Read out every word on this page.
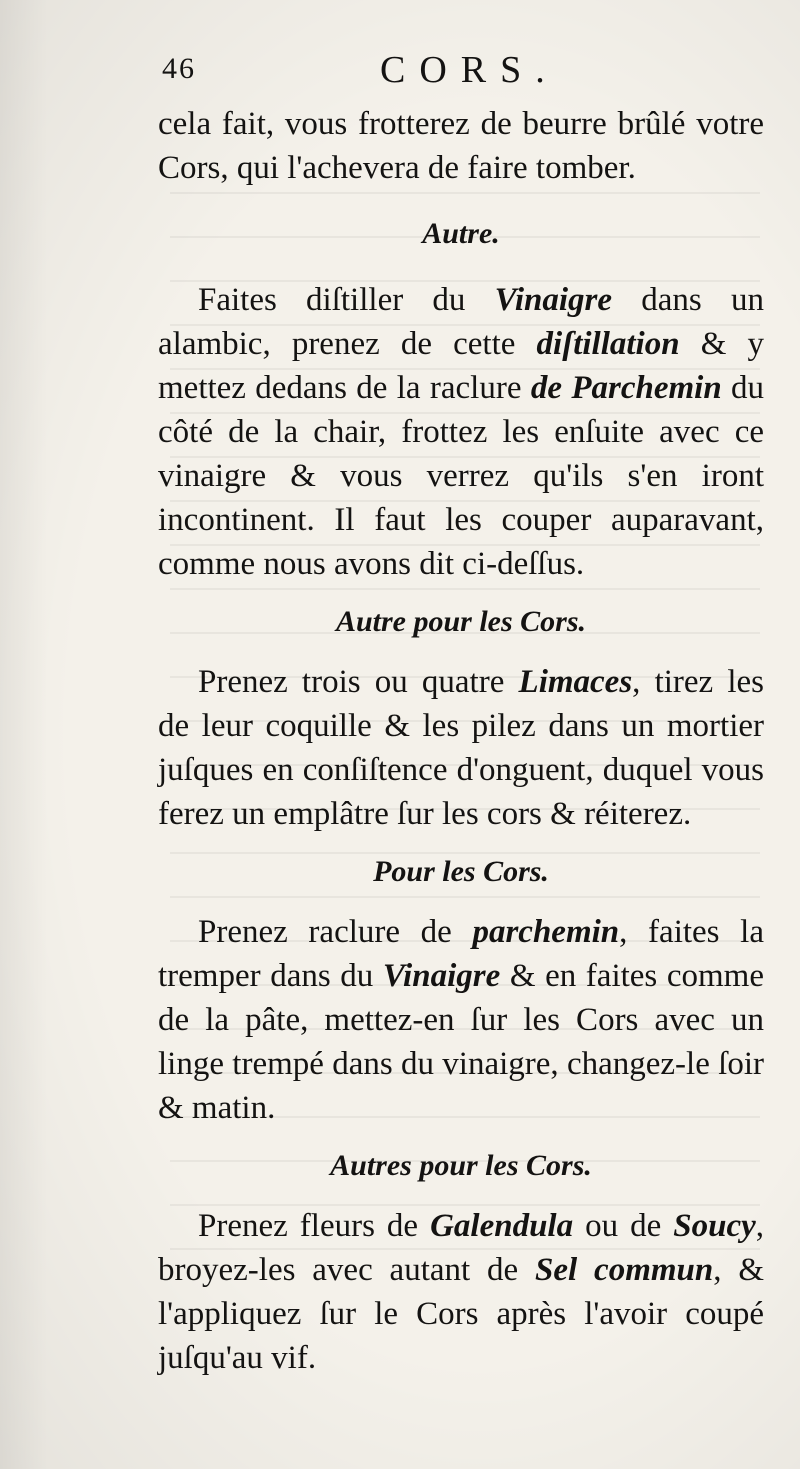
46	CORS.

cela fait, vous frotterez de beurre brûlé votre Cors, qui l'achevera de faire tomber.

Autre.

Faites diſtiller du Vinaigre dans un alambic, prenez de cette diſtillation & y mettez dedans de la raclure de Parchemin du côté de la chair, frottez les enſuite avec ce vinaigre & vous verrez qu'ils s'en iront incontinent. Il faut les couper auparavant, comme nous avons dit ci-deſſus.

Autre pour les Cors.

Prenez trois ou quatre Limaces, tirez les de leur coquille & les pilez dans un mortier juſques en conſiſtence d'onguent, duquel vous ferez un emplâtre ſur les cors & réiterez.

Pour les Cors.

Prenez raclure de parchemin, faites la tremper dans du Vinaigre & en faites comme de la pâte, mettez-en ſur les Cors avec un linge trempé dans du vinaigre, changez-le ſoir & matin.

Autres pour les Cors.

Prenez fleurs de Galendula ou de Soucy, broyez-les avec autant de Sel commun, & l'appliquez ſur le Cors après l'avoir coupé juſqu'au vif.
